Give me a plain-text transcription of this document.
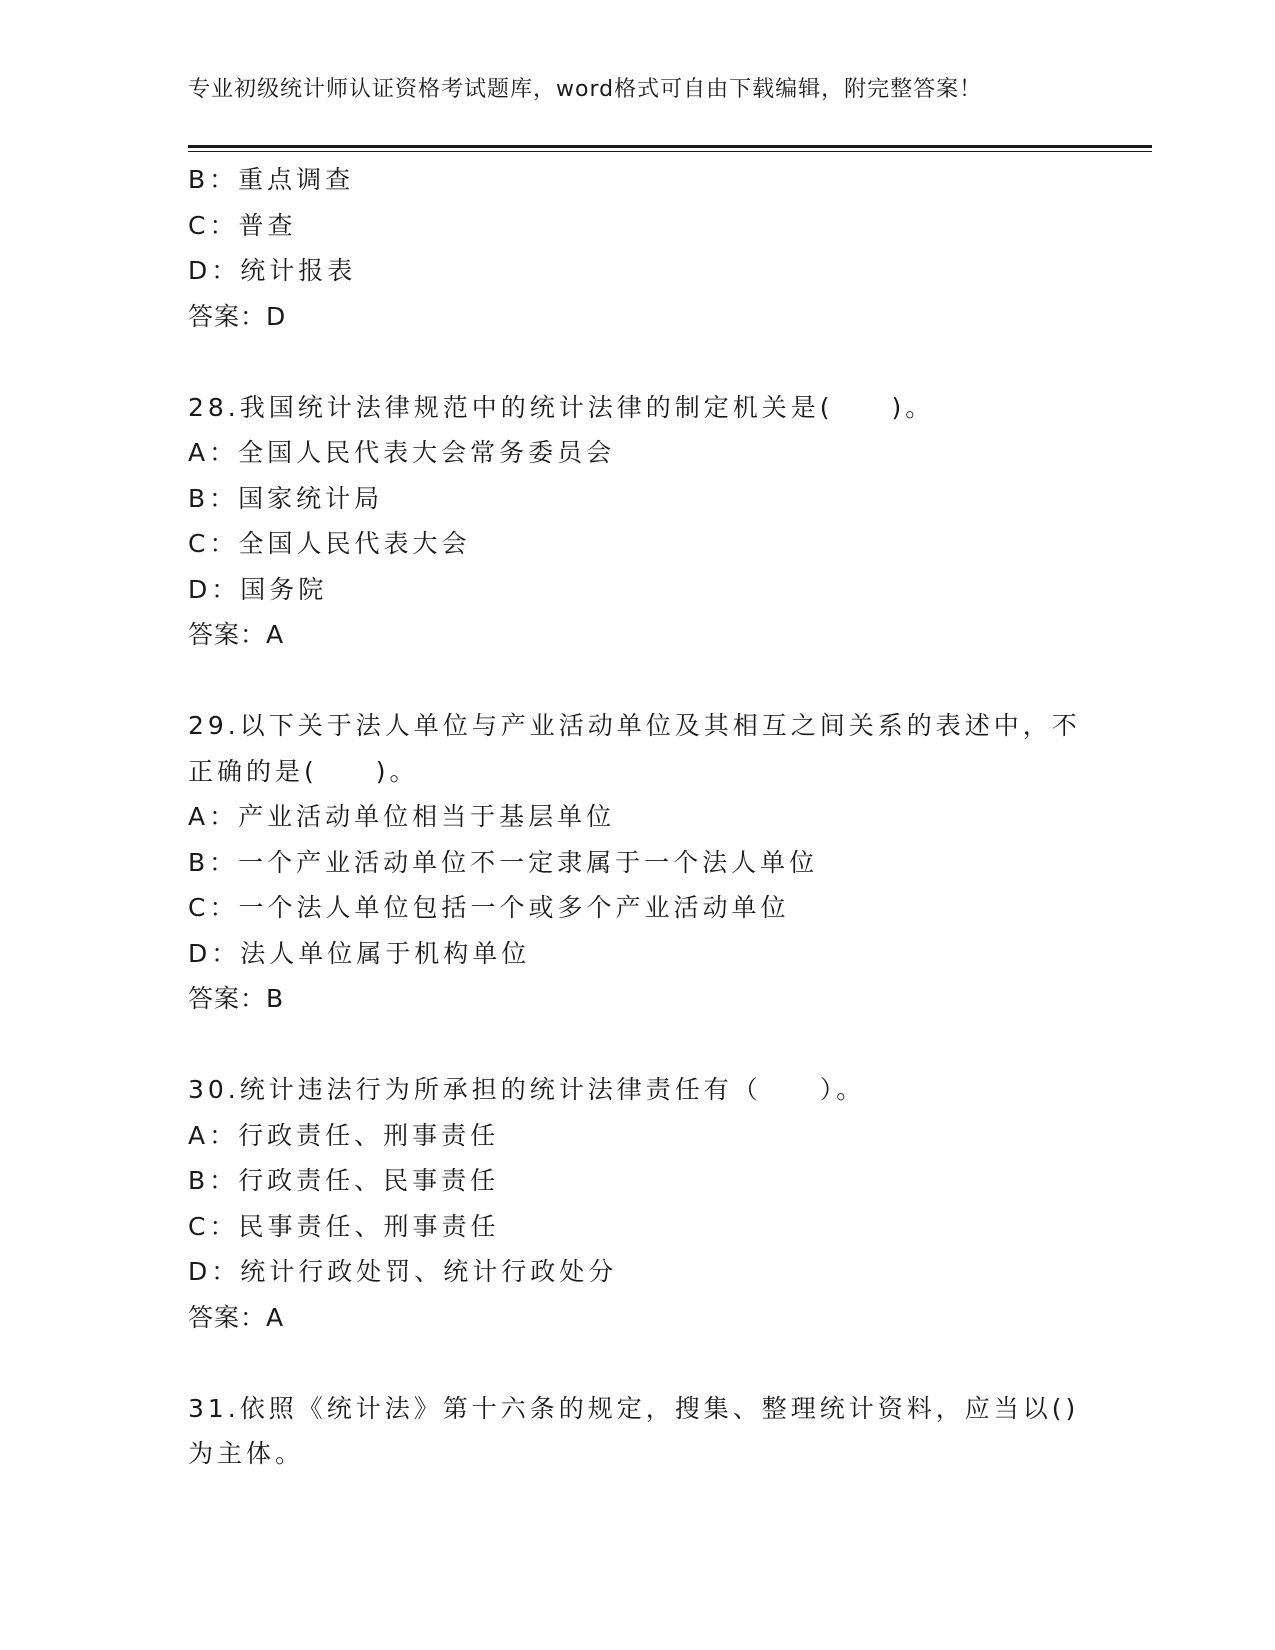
专业初级统计师认证资格考试题库，word格式可自由下载编辑，附完整答案！
B：重点调查
C：普查
D：统计报表
答案：D
28.我国统计法律规范中的统计法律的制定机关是(　　)。
A：全国人民代表大会常务委员会
B：国家统计局
C：全国人民代表大会
D：国务院
答案：A
29.以下关于法人单位与产业活动单位及其相互之间关系的表述中，不
正确的是(　　)。
A：产业活动单位相当于基层单位
B：一个产业活动单位不一定隶属于一个法人单位
C：一个法人单位包括一个或多个产业活动单位
D：法人单位属于机构单位
答案：B
30.统计违法行为所承担的统计法律责任有（　　）。
A：行政责任、刑事责任
B：行政责任、民事责任
C：民事责任、刑事责任
D：统计行政处罚、统计行政处分
答案：A
31.依照《统计法》第十六条的规定，搜集、整理统计资料，应当以()
为主体。
